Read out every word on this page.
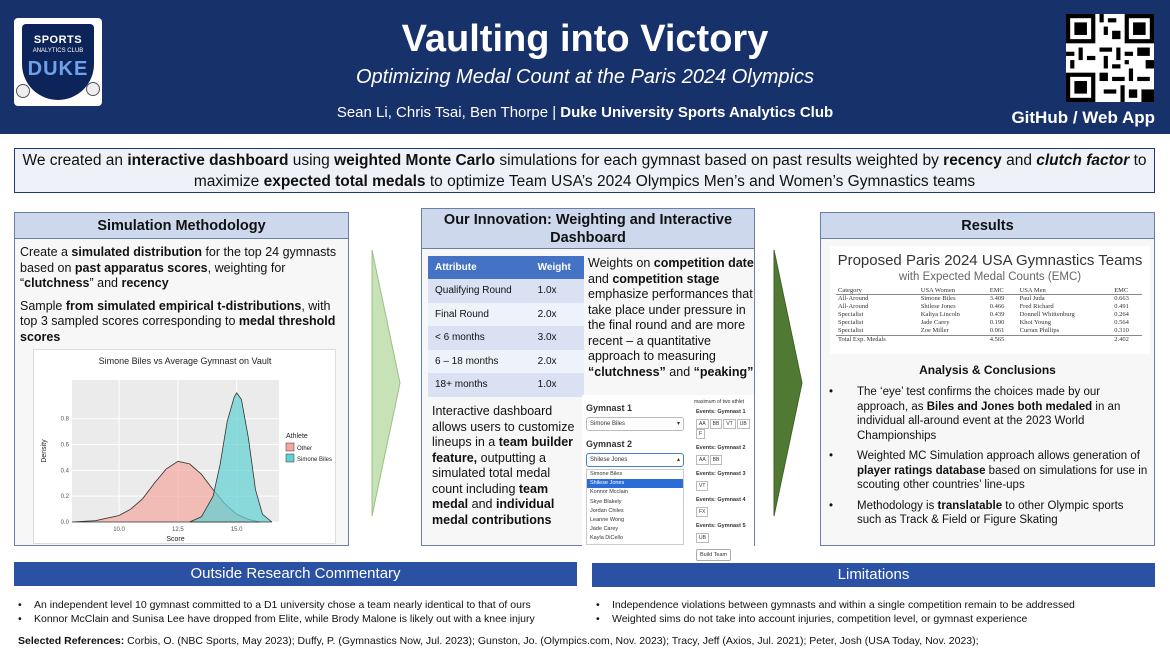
SPORTS
ANALYTICS CLUB
DUKE
Vaulting into Victory
Optimizing Medal Count at the Paris 2024 Olympics
Sean Li, Chris Tsai, Ben Thorpe | Duke University Sports Analytics Club	GitHub / Web App
We created an interactive dashboard using weighted Monte Carlo simulations for each gymnast based on past results weighted by recency and clutch factor to maximize expected total medals to optimize Team USA’s 2024 Olympics Men’s and Women’s Gymnastics teams
Simulation Methodology

Create a simulated distribution for the top 24 gymnasts based on past apparatus scores, weighting for “clutchness” and recency

Sample from simulated empirical t-distributions, with top 3 sampled scores corresponding to medal threshold scores

10.0	12.5	15.0
0.0
0.2
0.4
0.6
0.8
Simone Biles vs Average Gymnast on Vault
Score
Density
Athlete
Other
Simone Biles
Our Innovation: Weighting and Interactive Dashboard
Attribute	Weight
Qualifying Round	1.0x
Final Round	2.0x
< 6 months	3.0x
6 – 18 months	2.0x
18+ months	1.0x

Weights on competition date and competition stage emphasize performances that take place under pressure in the final round and are more recent – a quantitative approach to measuring “clutchness” and “peaking”

Interactive dashboard allows users to customize lineups in a team builder feature, outputting a simulated total medal count including team medal and individual medal contributions

maximum of two athlet
Gymnast 1
Simone Biles	▾
Gymnast 2
Shilese Jones	▴
Simone Biles
Shilese Jones
Konnor Mcclain
Skye Blakely
Jordan Chiles
Leanne Wong
Jade Carey
Kayla DiCello
Events: Gymnast 1
AA BB VT UBF
Events: Gymnast 2
AA BB
Events: Gymnast 3
VT
Events: Gymnast 4
FX
Events: Gymnast 5
UB
Build Team
Results
Proposed Paris 2024 USA Gymnastics Teams
with Expected Medal Counts (EMC)
Category	USA Women	EMC	USA Men	EMC
All-Around	Simone Biles	3.409	Paul Juda	0.663
All-Around	Shilese Jones	0.466	Fred Richard	0.491
Specialist	Kaliya Lincoln	0.439	Donnell Whittenburg	0.264
Specialist	Jade Carey	0.190	Khoi Young	0.564
Specialist	Zoe Miller	0.061	Curran Phillips	0.310
Total Exp. Medals		4.565		2.402
Analysis & Conclusions
• The ‘eye’ test confirms the choices made by our approach, as Biles and Jones both medaled in an individual all-around event at the 2023 World Championships
• Weighted MC Simulation approach allows generation of player ratings database based on simulations for use in scouting other countries’ line-ups
• Methodology is translatable to other Olympic sports such as Track & Field or Figure Skating
Outside Research Commentary	Limitations
• An independent level 10 gymnast committed to a D1 university chose a team nearly identical to that of ours
• Konnor McClain and Sunisa Lee have dropped from Elite, while Brody Malone is likely out with a knee injury
• Independence violations between gymnasts and within a single competition remain to be addressed
• Weighted sims do not take into account injuries, competition level, or gymnast experience
Selected References: Corbis, O. (NBC Sports, May 2023); Duffy, P. (Gymnastics Now, Jul. 2023); Gunston, Jo. (Olympics.com, Nov. 2023); Tracy, Jeff (Axios, Jul. 2021); Peter, Josh (USA Today, Nov. 2023);
